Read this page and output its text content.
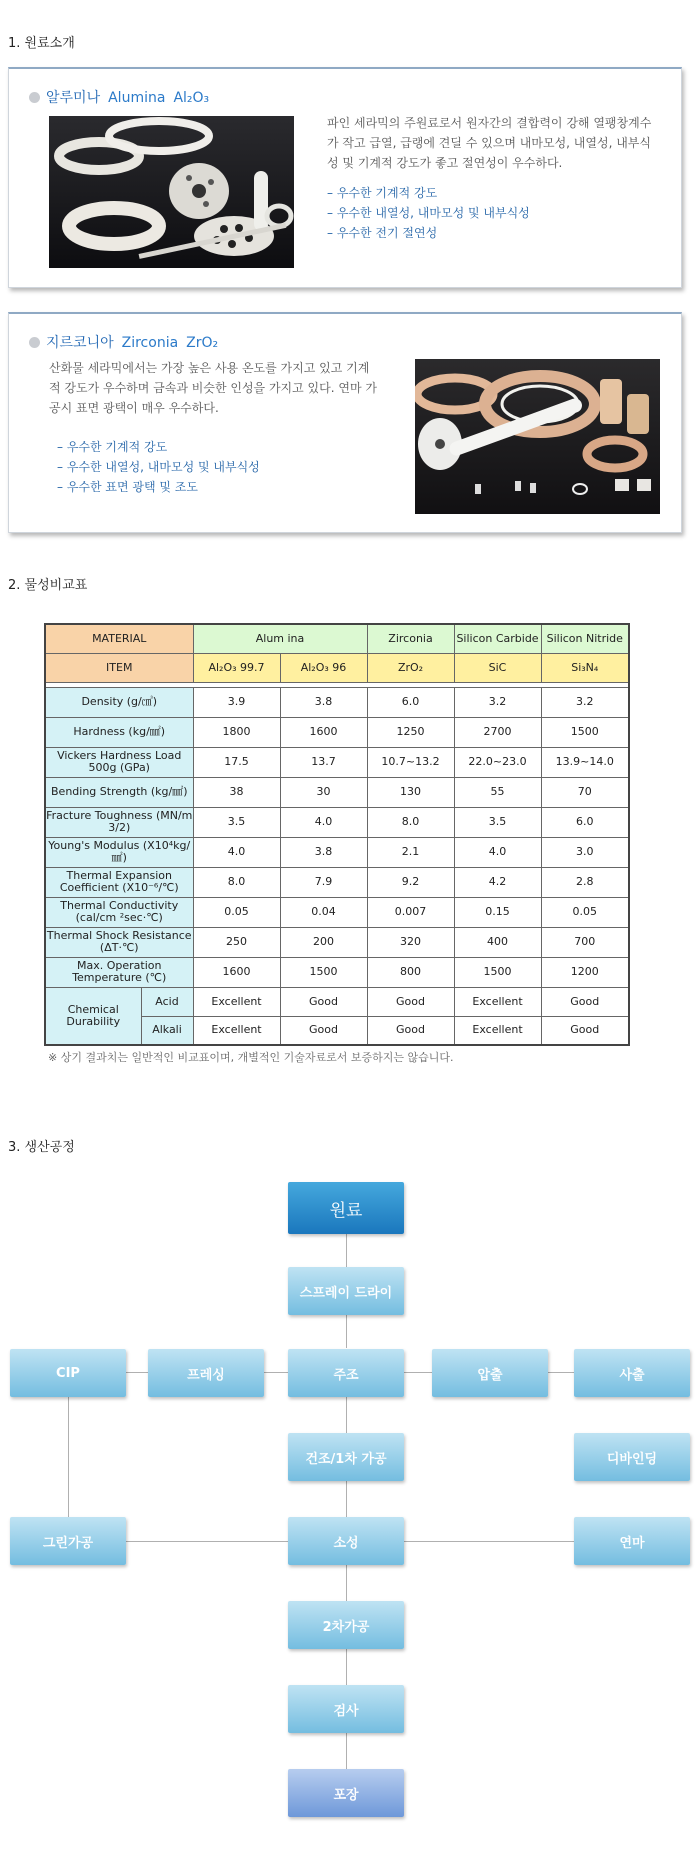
1. 원료소개
알루미나 Alumina Al₂O₃
파인 세라믹의 주원료로서 원자간의 결합력이 강해 열팽창계수가 작고 급열, 급랭에 견딜 수 있으며 내마모성, 내열성, 내부식성 및 기계적 강도가 좋고 절연성이 우수하다.
– 우수한 기계적 강도
– 우수한 내열성, 내마모성 및 내부식성
– 우수한 전기 절연성
지르코니아 Zirconia ZrO₂
산화물 세라믹에서는 가장 높은 사용 온도를 가지고 있고 기계적 강도가 우수하며 금속과 비슷한 인성을 가지고 있다. 연마 가공시 표면 광택이 매우 우수하다.
– 우수한 기계적 강도
– 우수한 내열성, 내마모성 및 내부식성
– 우수한 표면 광택 및 조도
2. 물성비교표
MATERIAL		Alum ina		Zirconia	Silicon Carbide	Silicon Nitride
ITEM		Al₂O₃ 99.7	Al₂O₃ 96	ZrO₂	SiC	Si₃N₄

Density (g/㎤)		3.9	3.8	6.0	3.2	3.2
Hardness (kg/㎟)		1800	1600	1250	2700	1500
Vickers Hardness Load 500g (GPa)		17.5	13.7	10.7~13.2	22.0~23.0	13.9~14.0
Bending Strength (kg/㎟)		38	30	130	55	70
Fracture Toughness (MN/m 3/2)		3.5	4.0	8.0	3.5	6.0
Young's Modulus (X10⁴kg/㎟)		4.0	3.8	2.1	4.0	3.0
Thermal Expansion Coefficient (X10⁻⁶/℃)		8.0	7.9	9.2	4.2	2.8
Thermal Conductivity (cal/cm ²sec·℃)		0.05	0.04	0.007	0.15	0.05
Thermal Shock Resistance (ΔT·℃)		250	200	320	400	700
Max. Operation Temperature (℃)		1600	1500	800	1500	1200
Chemical Durability	Acid	Excellent	Good	Good	Excellent	Good
	Alkali	Excellent	Good	Good	Excellent	Good
※ 상기 결과치는 일반적인 비교표이며, 개별적인 기술자료로서 보증하지는 않습니다.
3. 생산공정
원료
스프레이 드라이
CIP	프레싱	주조	압출	사출
건조/1차 가공	디바인딩
그린가공	소성	연마
2차가공
검사
포장
